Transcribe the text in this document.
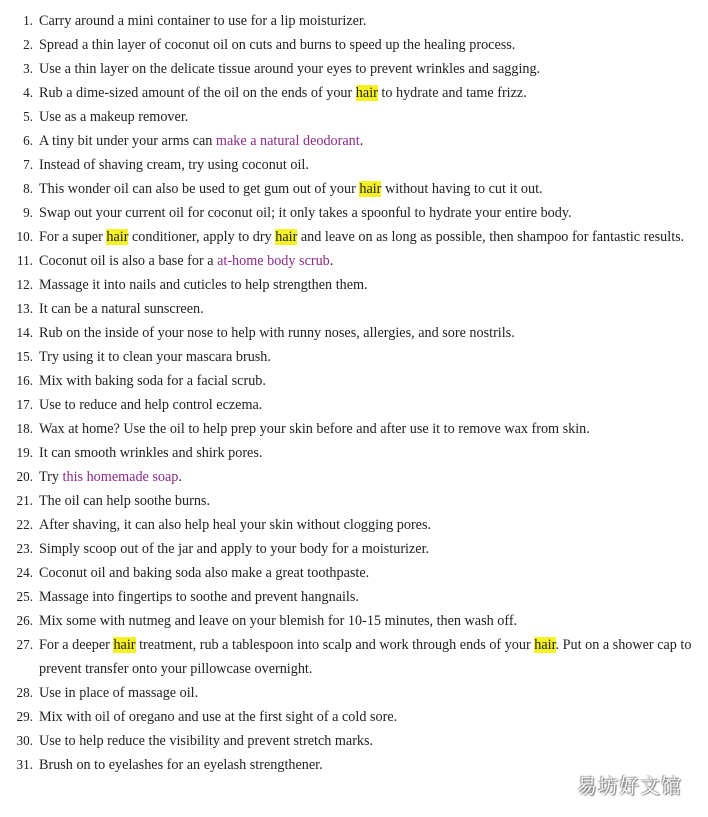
1. Carry around a mini container to use for a lip moisturizer.
2. Spread a thin layer of coconut oil on cuts and burns to speed up the healing process.
3. Use a thin layer on the delicate tissue around your eyes to prevent wrinkles and sagging.
4. Rub a dime-sized amount of the oil on the ends of your hair to hydrate and tame frizz.
5. Use as a makeup remover.
6. A tiny bit under your arms can make a natural deodorant.
7. Instead of shaving cream, try using coconut oil.
8. This wonder oil can also be used to get gum out of your hair without having to cut it out.
9. Swap out your current oil for coconut oil; it only takes a spoonful to hydrate your entire body.
10. For a super hair conditioner, apply to dry hair and leave on as long as possible, then shampoo for fantastic results.
11. Coconut oil is also a base for a at-home body scrub.
12. Massage it into nails and cuticles to help strengthen them.
13. It can be a natural sunscreen.
14. Rub on the inside of your nose to help with runny noses, allergies, and sore nostrils.
15. Try using it to clean your mascara brush.
16. Mix with baking soda for a facial scrub.
17. Use to reduce and help control eczema.
18. Wax at home? Use the oil to help prep your skin before and after use it to remove wax from skin.
19. It can smooth wrinkles and shirk pores.
20. Try this homemade soap.
21. The oil can help soothe burns.
22. After shaving, it can also help heal your skin without clogging pores.
23. Simply scoop out of the jar and apply to your body for a moisturizer.
24. Coconut oil and baking soda also make a great toothpaste.
25. Massage into fingertips to soothe and prevent hangnails.
26. Mix some with nutmeg and leave on your blemish for 10-15 minutes, then wash off.
27. For a deeper hair treatment, rub a tablespoon into scalp and work through ends of your hair. Put on a shower cap to prevent transfer onto your pillowcase overnight.
28. Use in place of massage oil.
29. Mix with oil of oregano and use at the first sight of a cold sore.
30. Use to help reduce the visibility and prevent stretch marks.
31. Brush on to eyelashes for an eyelash strengthener.
易坊好文馆
